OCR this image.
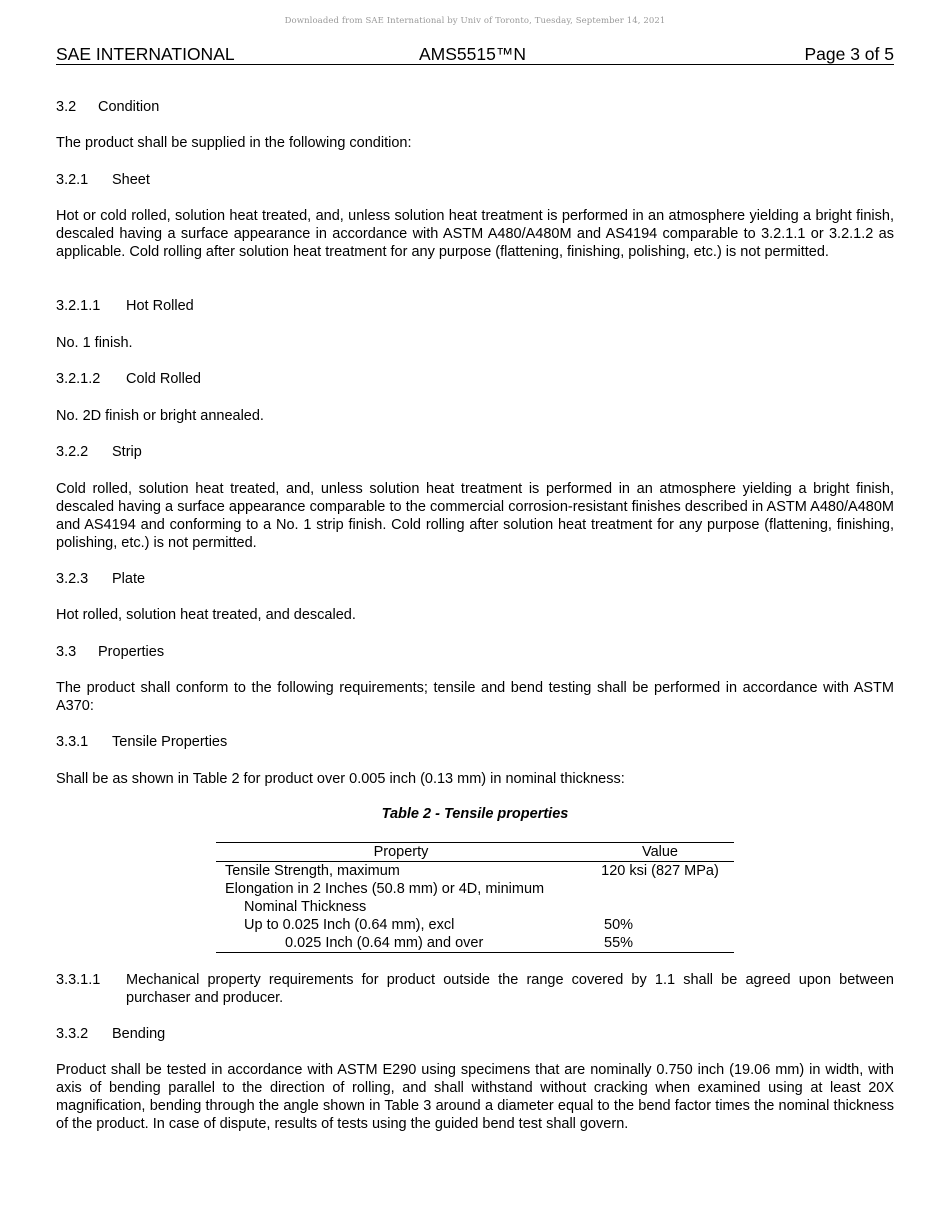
Downloaded from SAE International by Univ of Toronto, Tuesday, September 14, 2021
SAE INTERNATIONAL	AMS5515™N	Page 3 of 5
3.2 Condition
The product shall be supplied in the following condition:
3.2.1 Sheet
Hot or cold rolled, solution heat treated, and, unless solution heat treatment is performed in an atmosphere yielding a bright finish, descaled having a surface appearance in accordance with ASTM A480/A480M and AS4194 comparable to 3.2.1.1 or 3.2.1.2 as applicable. Cold rolling after solution heat treatment for any purpose (flattening, finishing, polishing, etc.) is not permitted.
3.2.1.1 Hot Rolled
No. 1 finish.
3.2.1.2 Cold Rolled
No. 2D finish or bright annealed.
3.2.2 Strip
Cold rolled, solution heat treated, and, unless solution heat treatment is performed in an atmosphere yielding a bright finish, descaled having a surface appearance comparable to the commercial corrosion-resistant finishes described in ASTM A480/A480M and AS4194 and conforming to a No. 1 strip finish. Cold rolling after solution heat treatment for any purpose (flattening, finishing, polishing, etc.) is not permitted.
3.2.3 Plate
Hot rolled, solution heat treated, and descaled.
3.3 Properties
The product shall conform to the following requirements; tensile and bend testing shall be performed in accordance with ASTM A370:
3.3.1 Tensile Properties
Shall be as shown in Table 2 for product over 0.005 inch (0.13 mm) in nominal thickness:
Table 2 - Tensile properties
Property	Value
Tensile Strength, maximum	120 ksi (827 MPa)
Elongation in 2 Inches (50.8 mm) or 4D, minimum	
Nominal Thickness	
Up to 0.025 Inch (0.64 mm), excl	50%
0.025 Inch (0.64 mm) and over	55%
3.3.1.1 Mechanical property requirements for product outside the range covered by 1.1 shall be agreed upon between purchaser and producer.
3.3.2 Bending
Product shall be tested in accordance with ASTM E290 using specimens that are nominally 0.750 inch (19.06 mm) in width, with axis of bending parallel to the direction of rolling, and shall withstand without cracking when examined using at least 20X magnification, bending through the angle shown in Table 3 around a diameter equal to the bend factor times the nominal thickness of the product. In case of dispute, results of tests using the guided bend test shall govern.
